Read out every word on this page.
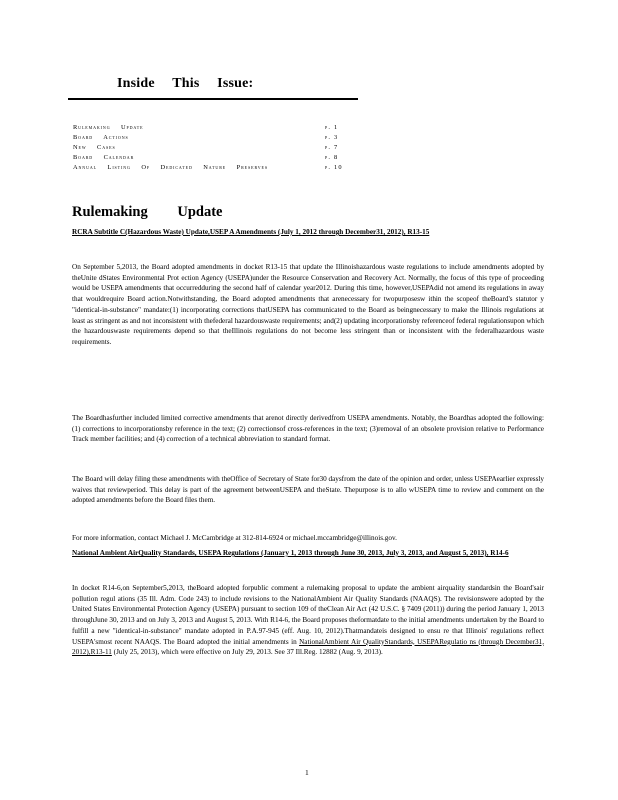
Inside This Issue:
Rulemaking Update	p. 1
Board Actions	p. 3
New Cases	p. 7
Board Calendar	p. 8
Annual Listing Of Dedicated Nature Preserves	p. 10
Rulemaking Update
RCRA Subtitle C(Hazardous Waste) Update,USEP A Amendments (July 1, 2012 through December31, 2012), R13-15
On September 5,2013, the Board adopted amendments in docket R13-15 that update the Illinoishazardous waste regulations to include amendments adopted by theUnite dStates Environmental Prot ection Agency (USEPA)under the Resource Conservation and Recovery Act. Normally, the focus of this type of proceeding would be USEPA amendments that occurredduring the second half of calendar year2012. During this time, however,USEPAdid not amend its regulations in away that wouldrequire Board action.Notwithstanding, the Board adopted amendments that arenecessary for twopurposesw ithin the scopeof theBoard's statutor y "identical-in-substance" mandate:(1) incorporating corrections thatUSEPA has communicated to the Board as beingnecessary to make the Illinois regulations at least as stringent as and not inconsistent with thefederal hazardouswaste requirements; and(2) updating incorporationsby referenceof federal regulationsupon which the hazardouswaste requirements depend so that theIllinois regulations do not become less stringent than or inconsistent with the federalhazardous waste requirements.
The Boardhasfurther included limited corrective amendments that arenot directly derivedfrom USEPA amendments. Notably, the Boardhas adopted the following: (1) corrections to incorporationsby reference in the text; (2) correctionsof cross-references in the text; (3)removal of an obsolete provision relative to Performance Track member facilities; and (4) correction of a technical abbreviation to standard format.
The Board will delay filing these amendments with theOffice of Secretary of State for30 daysfrom the date of the opinion and order, unless USEPAearlier expressly waives that reviewperiod. This delay is part of the agreement betweenUSEPA and theState. Thepurpose is to allo wUSEPA time to review and comment on the adopted amendments before the Board files them.
For more information, contact Michael J. McCambridge at 312-814-6924 or michael.mccambridge@illinois.gov.
National Ambient AirQuality Standards, USEPA Regulations (January 1, 2013 through June 30, 2013, July 3, 2013, and August 5, 2013), R14-6
In docket R14-6,on September5,2013, theBoard adopted forpublic comment a rulemaking proposal to update the ambient airquality standardsin the Board'sair pollution regul ations (35 Ill. Adm. Code 243) to include revisions to the NationalAmbient Air Quality Standards (NAAQS). The revisionswere adopted by the United States Environmental Protection Agency (USEPA) pursuant to section 109 of theClean Air Act (42 U.S.C. § 7409 (2011)) during the period January 1, 2013 throughJune 30, 2013 and on July 3, 2013 and August 5, 2013. With R14-6, the Board proposes theformatdate to the initial amendments undertaken by the Board to fulfill a new "identical-in-substance" mandate adopted in P.A.97-945 (eff. Aug. 10, 2012).Thatmandateis designed to ensu re that Illinois' regulations reflect USEPA'smost recent NAAQS. The Board adopted the initial amendments in NationalAmbient Air QualityStandards, USEPARegulatio ns (through December31, 2012),R13-11 (July 25, 2013), which were effective on July 29, 2013. See 37 Ill.Reg. 12882 (Aug. 9, 2013).
1
